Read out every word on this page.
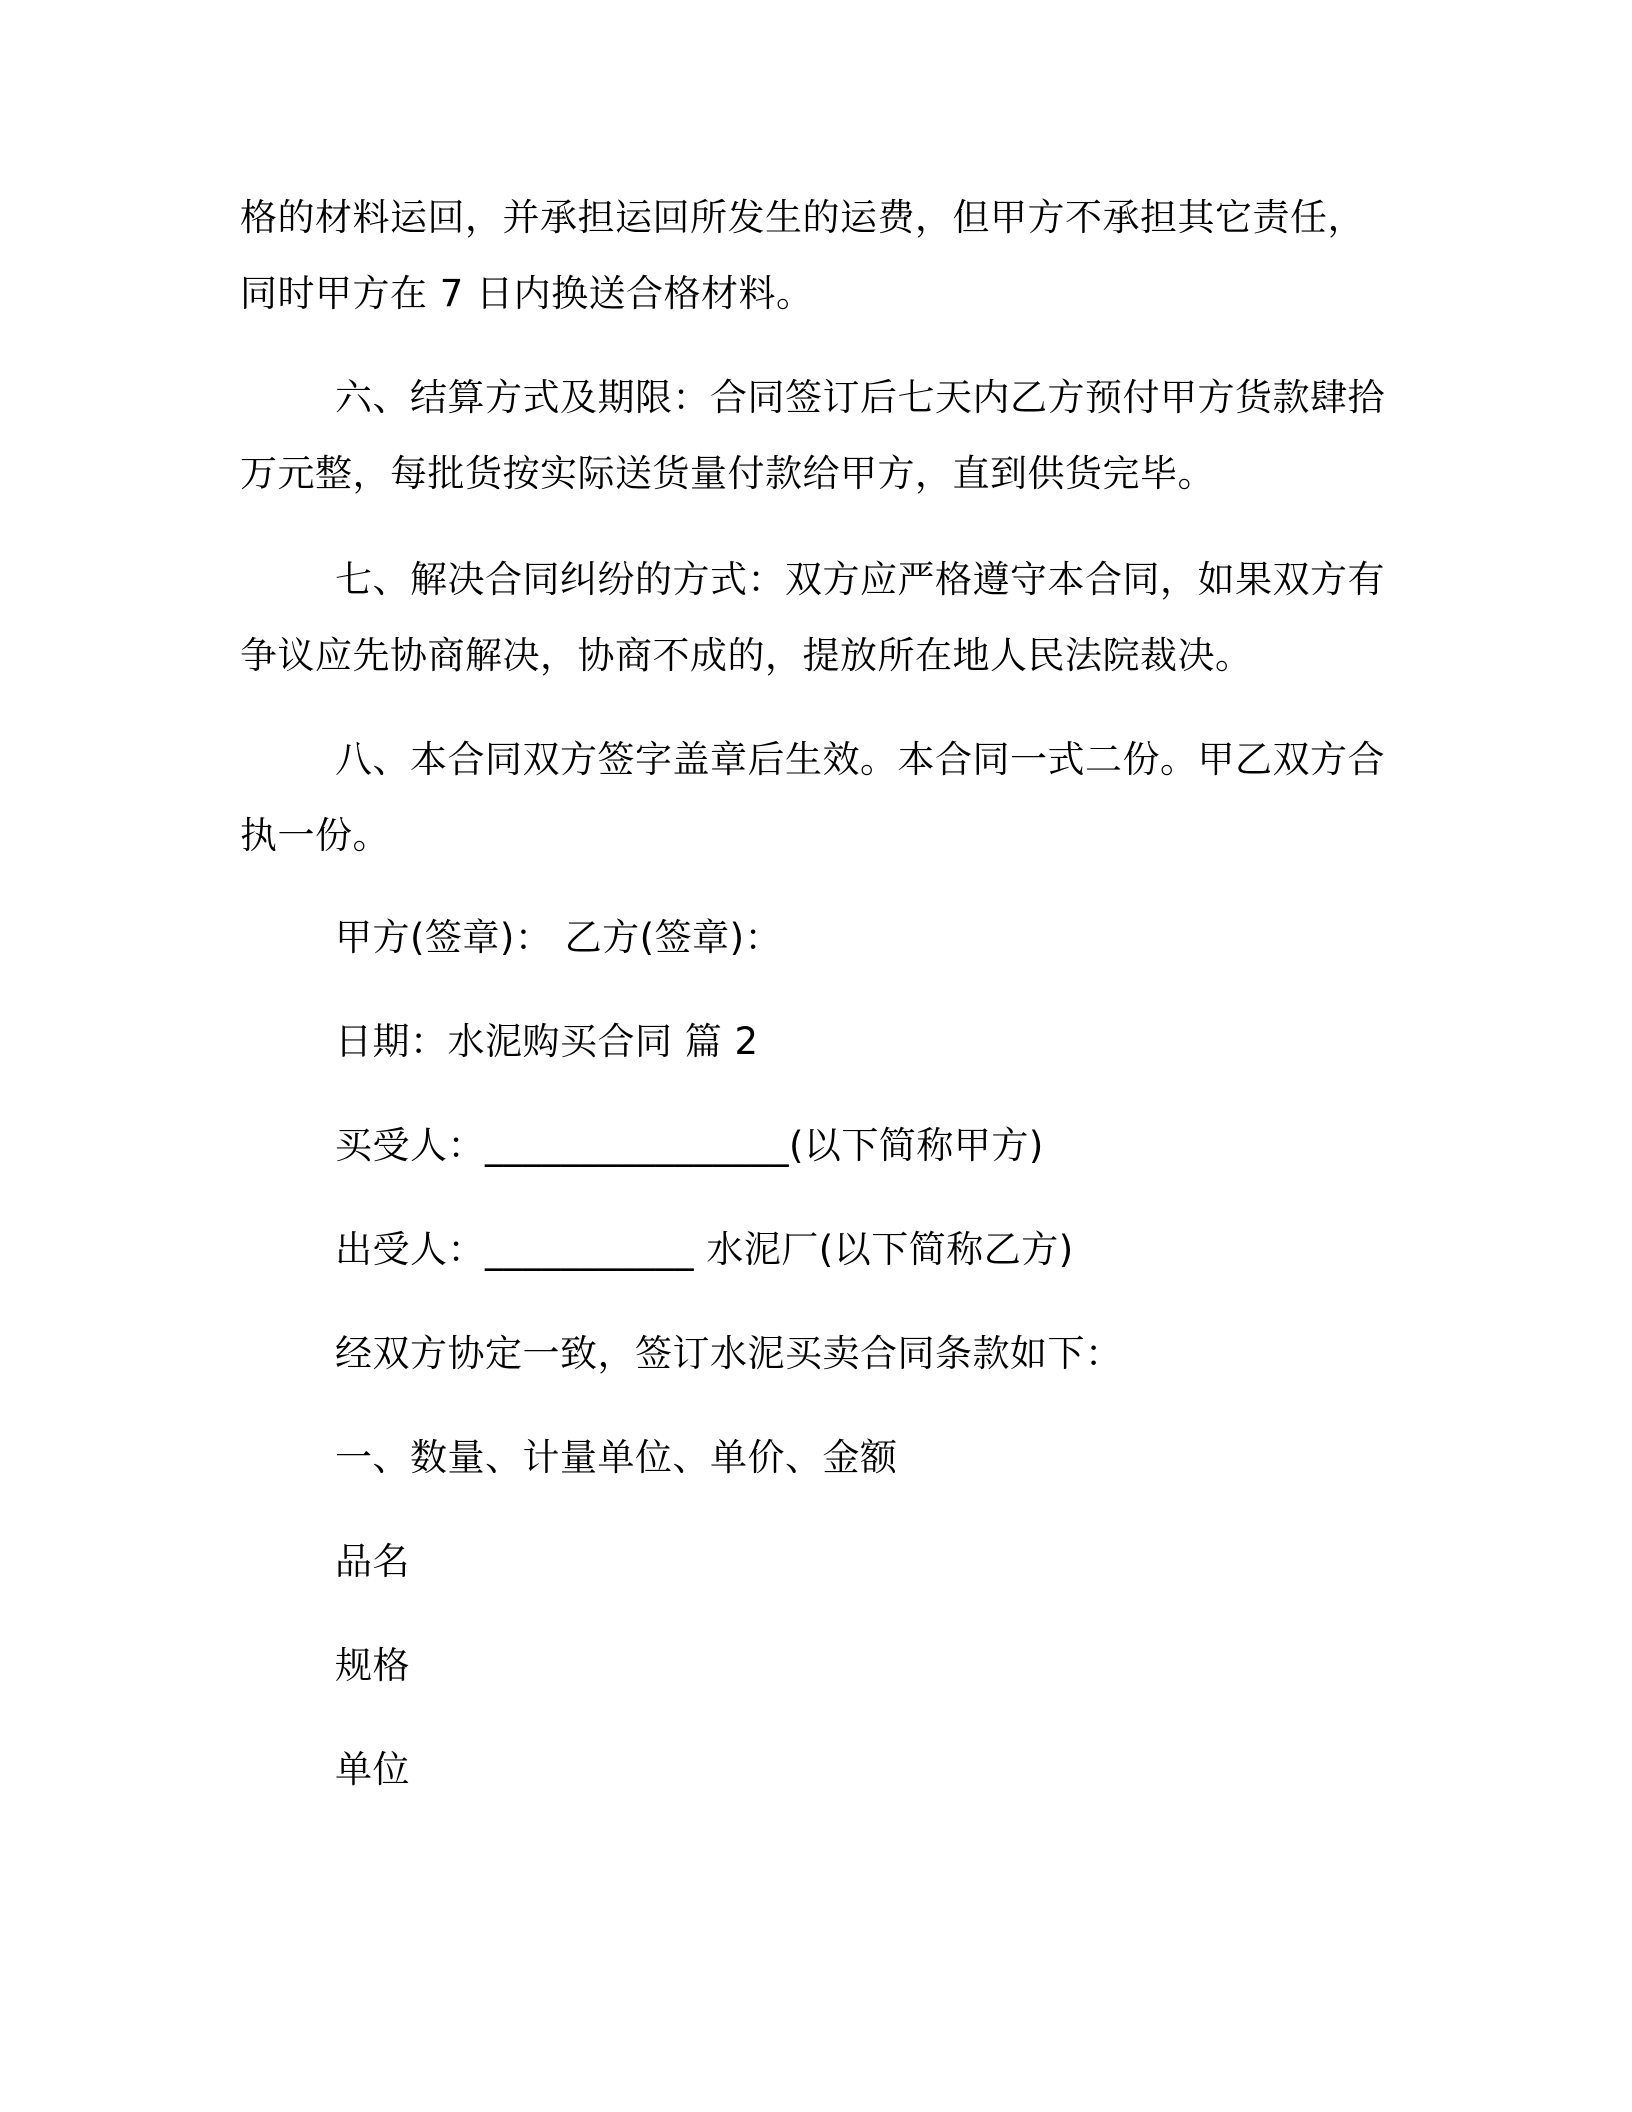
格的材料运回，并承担运回所发生的运费，但甲方不承担其它责任，
同时甲方在 7 日内换送合格材料。
六、结算方式及期限：合同签订后七天内乙方预付甲方货款肆拾
万元整，每批货按实际送货量付款给甲方，直到供货完毕。
七、解决合同纠纷的方式：双方应严格遵守本合同，如果双方有
争议应先协商解决，协商不成的，提放所在地人民法院裁决。
八、本合同双方签字盖章后生效。本合同一式二份。甲乙双方合
执一份。
甲方(签章)： 乙方(签章)：
日期：水泥购买合同 篇 2
买受人：________________(以下简称甲方)
出受人：___________ 水泥厂(以下简称乙方)
经双方协定一致，签订水泥买卖合同条款如下：
一、数量、计量单位、单价、金额
品名
规格
单位
